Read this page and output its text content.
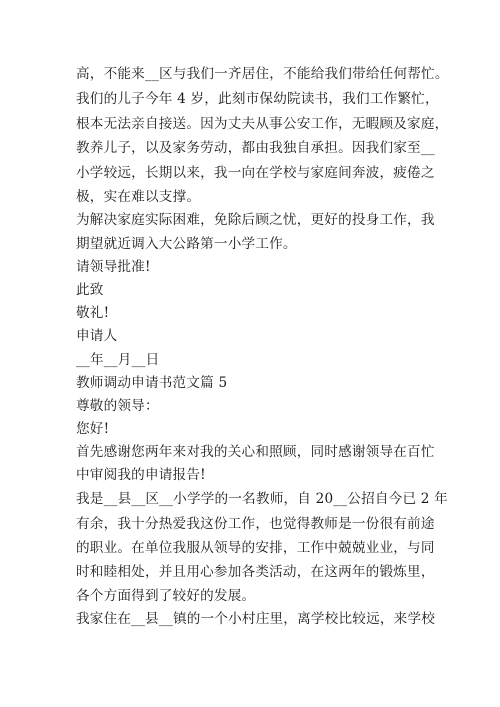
高，不能来__区与我们一齐居住，不能给我们带给任何帮忙。
我们的儿子今年 4 岁，此刻市保幼院读书，我们工作繁忙，
根本无法亲自接送。因为丈夫从事公安工作，无暇顾及家庭，
教养儿子，以及家务劳动，都由我独自承担。因我们家至__
小学较远，长期以来，我一向在学校与家庭间奔波，疲倦之
极，实在难以支撑。
为解决家庭实际困难，免除后顾之忧，更好的投身工作，我
期望就近调入大公路第一小学工作。
请领导批准!
此致
敬礼!
申请人
__年__月__日
教师调动申请书范文篇 5
尊敬的领导：
您好!
首先感谢您两年来对我的关心和照顾，同时感谢领导在百忙
中审阅我的申请报告!
我是__县__区__小学学的一名教师，自 20__公招自今已 2 年
有余，我十分热爱我这份工作，也觉得教师是一份很有前途
的职业。在单位我服从领导的安排，工作中兢兢业业，与同
时和睦相处，并且用心参加各类活动，在这两年的锻炼里，
各个方面得到了较好的发展。
我家住在__县__镇的一个小村庄里，离学校比较远，来学校
